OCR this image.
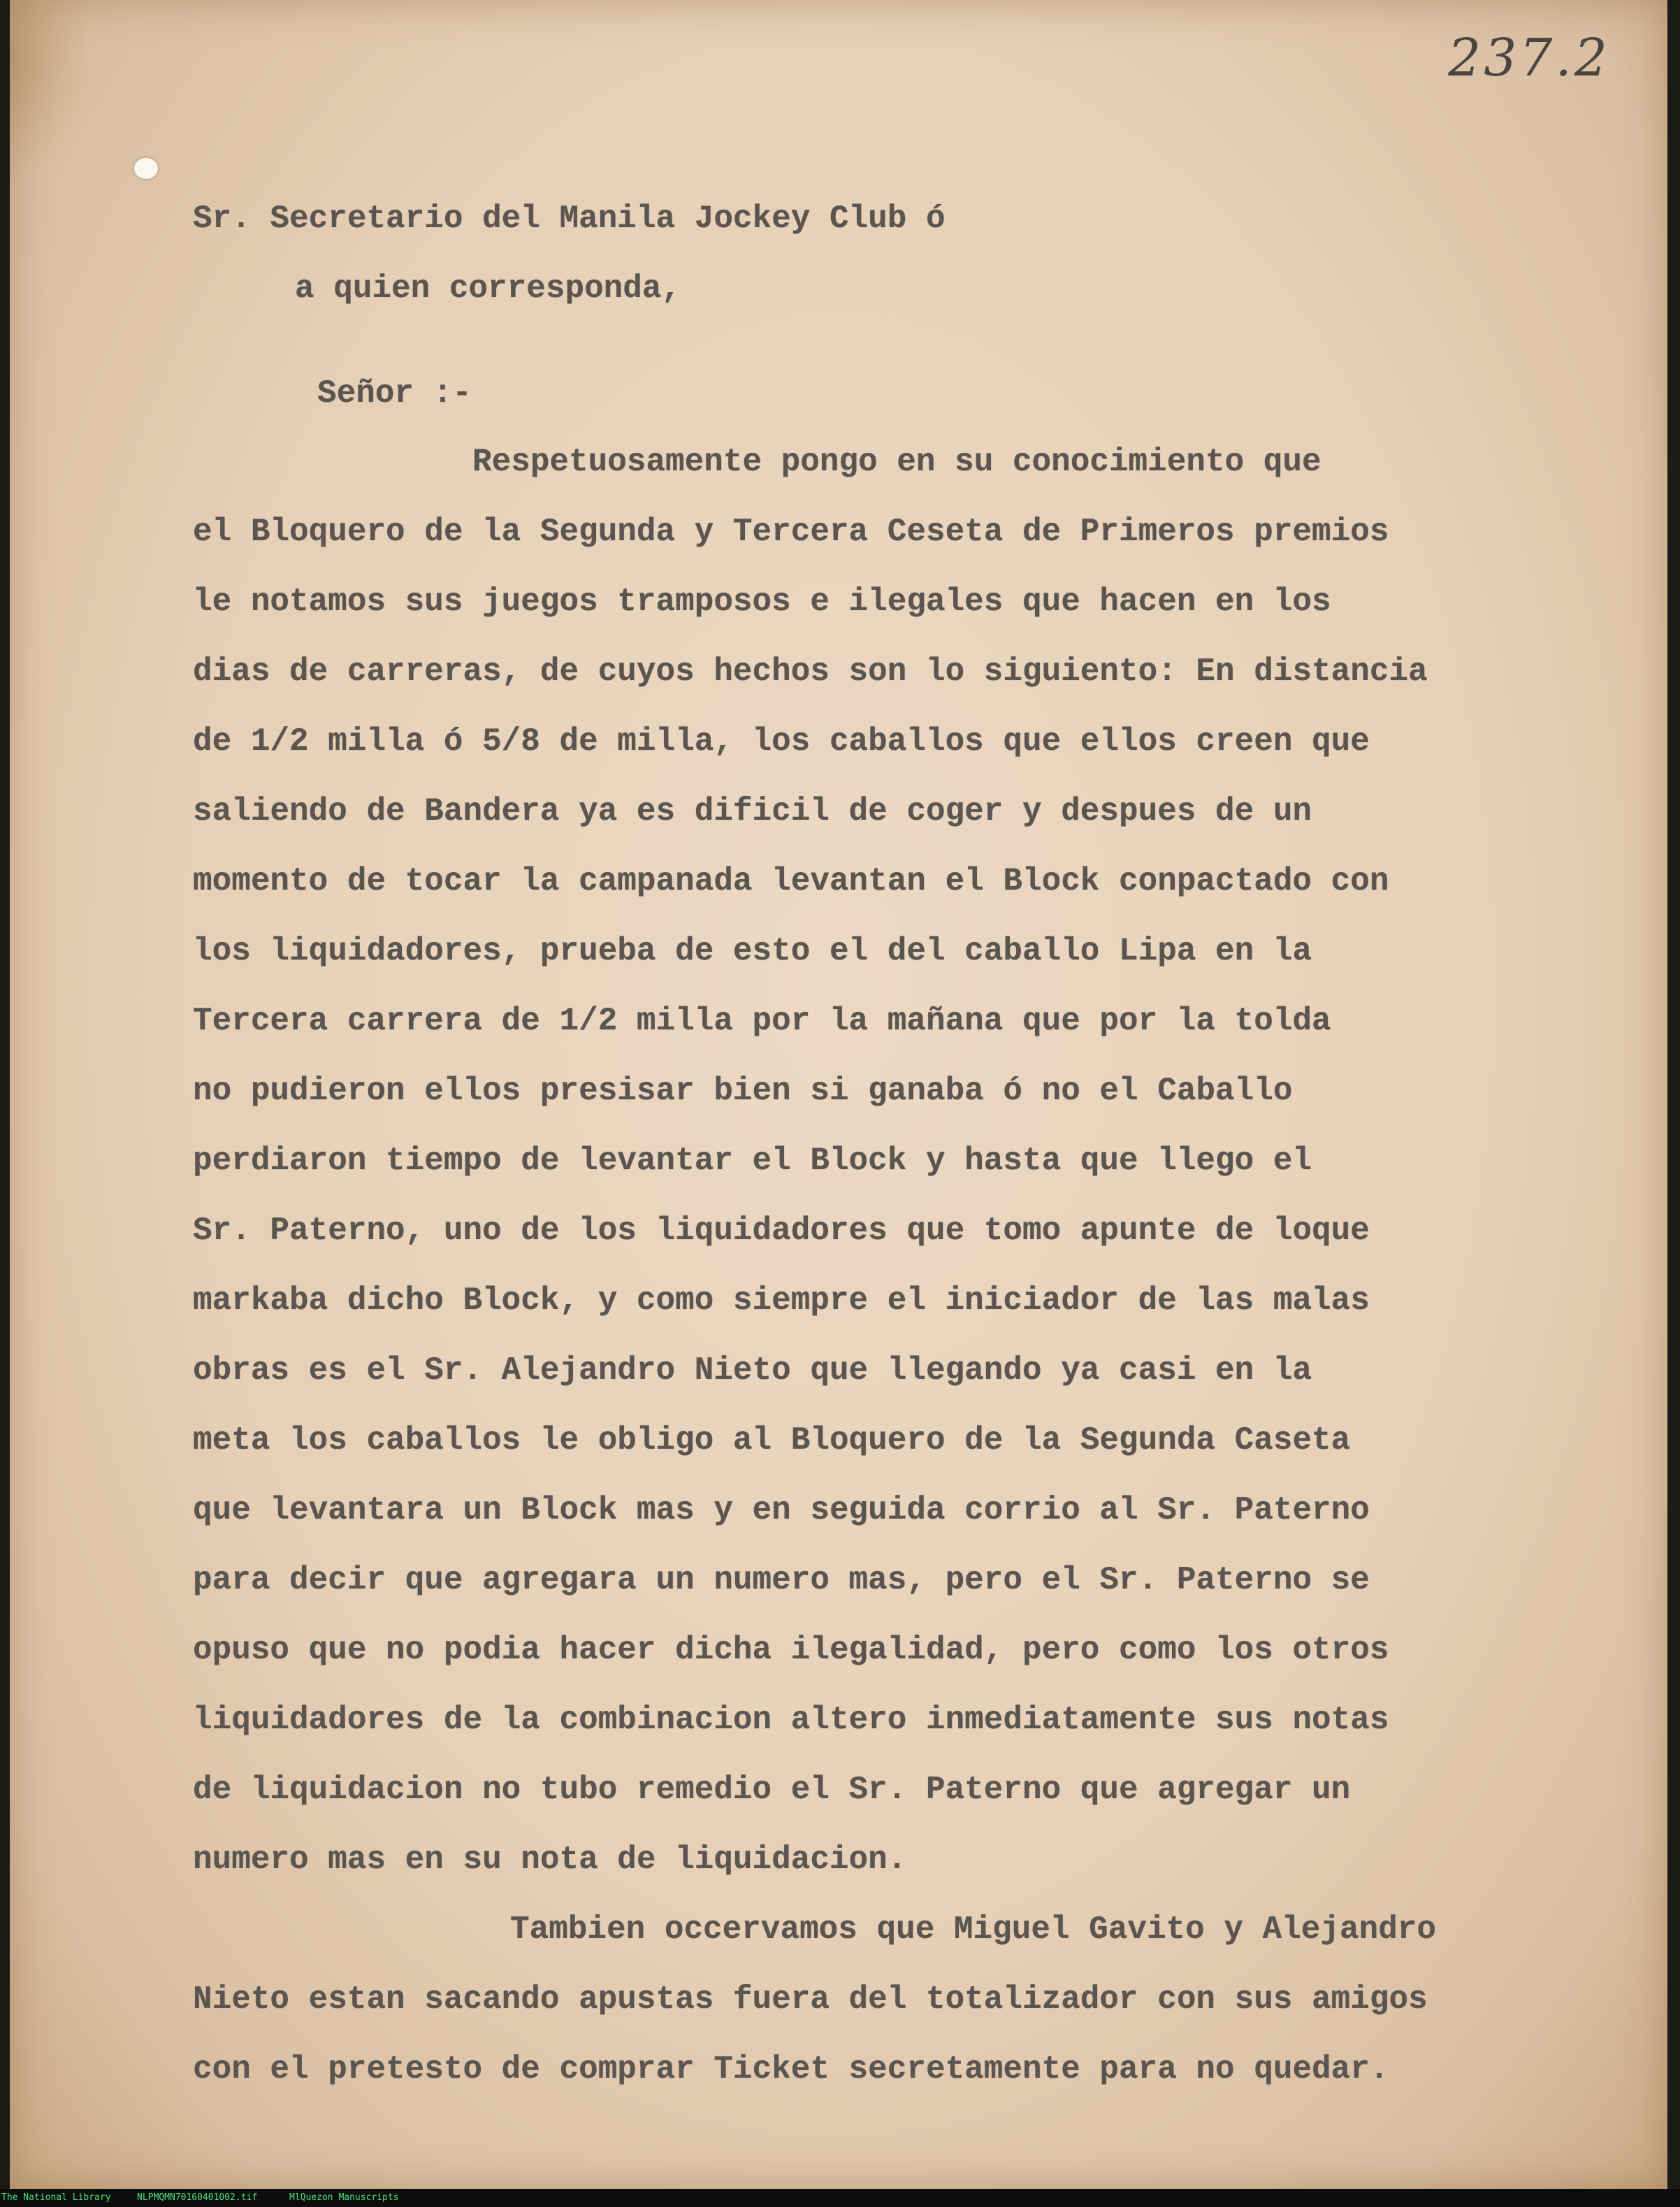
237.2

Sr. Secretario del Manila Jockey Club ó

a quien corresponda,

Señor :-

Respetuosamente pongo en su conocimiento que

el Bloquero de la Segunda y Tercera Ceseta de Primeros premios

le notamos sus juegos tramposos e ilegales que hacen en los

dias de carreras, de cuyos hechos son lo siguiento: En distancia

de 1/2 milla ó 5/8 de milla, los caballos que ellos creen que

saliendo de Bandera ya es dificil de coger y despues de un

momento de tocar la campanada levantan el Block conpactado con

los liquidadores, prueba de esto el del caballo Lipa en la

Tercera carrera de 1/2 milla por la mañana que por la tolda

no pudieron ellos presisar bien si ganaba ó no el Caballo

perdiaron tiempo de levantar el Block y hasta que llego el

Sr. Paterno, uno de los liquidadores que tomo apunte de loque

markaba dicho Block, y como siempre el iniciador de las malas

obras es el Sr. Alejandro Nieto que llegando ya casi en la

meta los caballos le obligo al Bloquero de la Segunda Caseta

que levantara un Block mas y en seguida corrio al Sr. Paterno

para decir que agregara un numero mas, pero el Sr. Paterno se

opuso que no podia hacer dicha ilegalidad, pero como los otros

liquidadores de la combinacion altero inmediatamente sus notas

de liquidacion no tubo remedio el Sr. Paterno que agregar un

numero mas en su nota de liquidacion.

Tambien occervamos que Miguel Gavito y Alejandro

Nieto estan sacando apustas fuera del totalizador con sus amigos

con el pretesto de comprar Ticket secretamente para no quedar.

The National Library	NLPMQMN70160401002.tif	MlQuezon Manuscripts
